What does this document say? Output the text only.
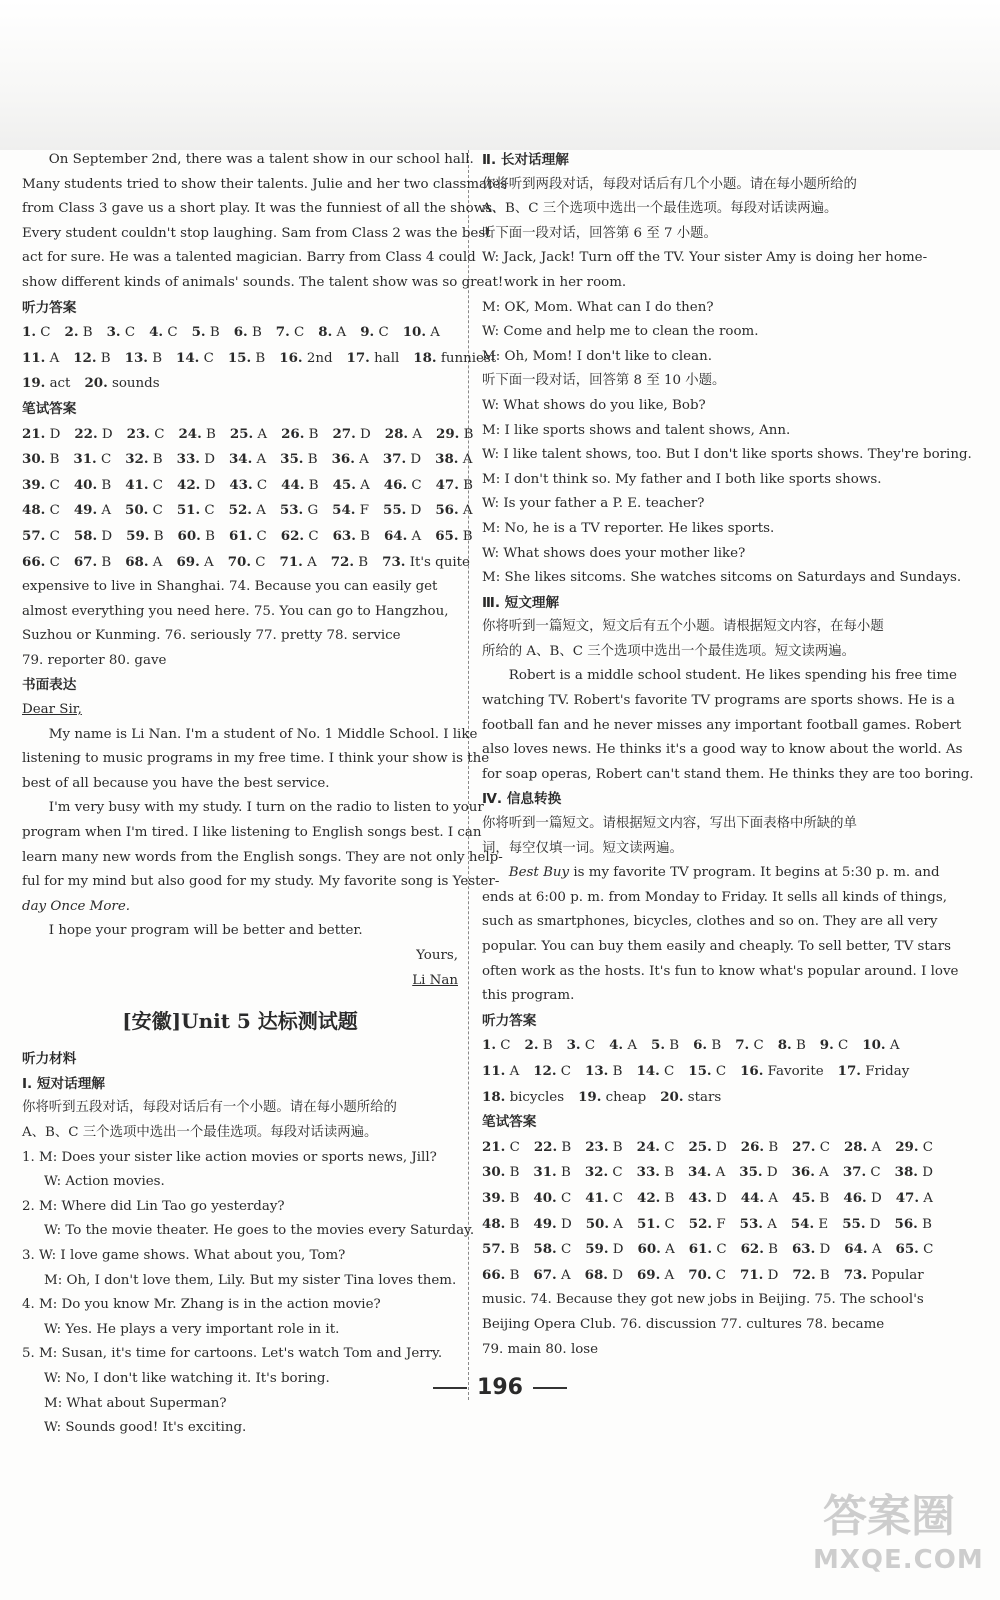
On September 2nd, there was a talent show in our school hall.
Many students tried to show their talents. Julie and her two classmates
from Class 3 gave us a short play. It was the funniest of all the shows.
Every student couldn't stop laughing. Sam from Class 2 was the best
act for sure. He was a talented magician. Barry from Class 4 could
show different kinds of animals' sounds. The talent show was so great!
听力答案
1. C 2. B 3. C 4. C 5. B 6. B 7. C 8. A 9. C 10. A
11. A 12. B 13. B 14. C 15. B 16. 2nd 17. hall 18. funniest
19. act 20. sounds
笔试答案
21. D 22. D 23. C 24. B 25. A 26. B 27. D 28. A 29. B
30. B 31. C 32. B 33. D 34. A 35. B 36. A 37. D 38. A
39. C 40. B 41. C 42. D 43. C 44. B 45. A 46. C 47. B
48. C 49. A 50. C 51. C 52. A 53. G 54. F 55. D 56. A
57. C 58. D 59. B 60. B 61. C 62. C 63. B 64. A 65. B
66. C 67. B 68. A 69. A 70. C 71. A 72. B 73. It's quite
expensive to live in Shanghai. 74. Because you can easily get
almost everything you need here. 75. You can go to Hangzhou,
Suzhou or Kunming. 76. seriously 77. pretty 78. service
79. reporter 80. gave
书面表达
Dear Sir,
My name is Li Nan. I'm a student of No. 1 Middle School. I like
listening to music programs in my free time. I think your show is the
best of all because you have the best service.
I'm very busy with my study. I turn on the radio to listen to your
program when I'm tired. I like listening to English songs best. I can
learn many new words from the English songs. They are not only help-
ful for my mind but also good for my study. My favorite song is Yester-
day Once More.
I hope your program will be better and better.
Yours,
Li Nan
[安徽]Unit 5 达标测试题
听力材料
Ⅰ. 短对话理解
你将听到五段对话，每段对话后有一个小题。请在每小题所给的
A、B、C 三个选项中选出一个最佳选项。每段对话读两遍。
1. M: Does your sister like action movies or sports news, Jill?
W: Action movies.
2. M: Where did Lin Tao go yesterday?
W: To the movie theater. He goes to the movies every Saturday.
3. W: I love game shows. What about you, Tom?
M: Oh, I don't love them, Lily. But my sister Tina loves them.
4. M: Do you know Mr. Zhang is in the action movie?
W: Yes. He plays a very important role in it.
5. M: Susan, it's time for cartoons. Let's watch Tom and Jerry.
W: No, I don't like watching it. It's boring.
M: What about Superman?
W: Sounds good! It's exciting.
Ⅱ. 长对话理解
你将听到两段对话，每段对话后有几个小题。请在每小题所给的
A、B、C 三个选项中选出一个最佳选项。每段对话读两遍。
听下面一段对话，回答第 6 至 7 小题。
W: Jack, Jack! Turn off the TV. Your sister Amy is doing her home-
work in her room.
M: OK, Mom. What can I do then?
W: Come and help me to clean the room.
M: Oh, Mom! I don't like to clean.
听下面一段对话，回答第 8 至 10 小题。
W: What shows do you like, Bob?
M: I like sports shows and talent shows, Ann.
W: I like talent shows, too. But I don't like sports shows. They're boring.
M: I don't think so. My father and I both like sports shows.
W: Is your father a P. E. teacher?
M: No, he is a TV reporter. He likes sports.
W: What shows does your mother like?
M: She likes sitcoms. She watches sitcoms on Saturdays and Sundays.
Ⅲ. 短文理解
你将听到一篇短文，短文后有五个小题。请根据短文内容，在每小题
所给的 A、B、C 三个选项中选出一个最佳选项。短文读两遍。
Robert is a middle school student. He likes spending his free time
watching TV. Robert's favorite TV programs are sports shows. He is a
football fan and he never misses any important football games. Robert
also loves news. He thinks it's a good way to know about the world. As
for soap operas, Robert can't stand them. He thinks they are too boring.
Ⅳ. 信息转换
你将听到一篇短文。请根据短文内容，写出下面表格中所缺的单
词，每空仅填一词。短文读两遍。
Best Buy is my favorite TV program. It begins at 5:30 p. m. and
ends at 6:00 p. m. from Monday to Friday. It sells all kinds of things,
such as smartphones, bicycles, clothes and so on. They are all very
popular. You can buy them easily and cheaply. To sell better, TV stars
often work as the hosts. It's fun to know what's popular around. I love
this program.
听力答案
1. C 2. B 3. C 4. A 5. B 6. B 7. C 8. B 9. C 10. A
11. A 12. C 13. B 14. C 15. C 16. Favorite 17. Friday
18. bicycles 19. cheap 20. stars
笔试答案
21. C 22. B 23. B 24. C 25. D 26. B 27. C 28. A 29. C
30. B 31. B 32. C 33. B 34. A 35. D 36. A 37. C 38. D
39. B 40. C 41. C 42. B 43. D 44. A 45. B 46. D 47. A
48. B 49. D 50. A 51. C 52. F 53. A 54. E 55. D 56. B
57. B 58. C 59. D 60. A 61. C 62. B 63. D 64. A 65. C
66. B 67. A 68. D 69. A 70. C 71. D 72. B 73. Popular
music. 74. Because they got new jobs in Beijing. 75. The school's
Beijing Opera Club. 76. discussion 77. cultures 78. became
79. main 80. lose
196
答案圈
MXQE.COM
